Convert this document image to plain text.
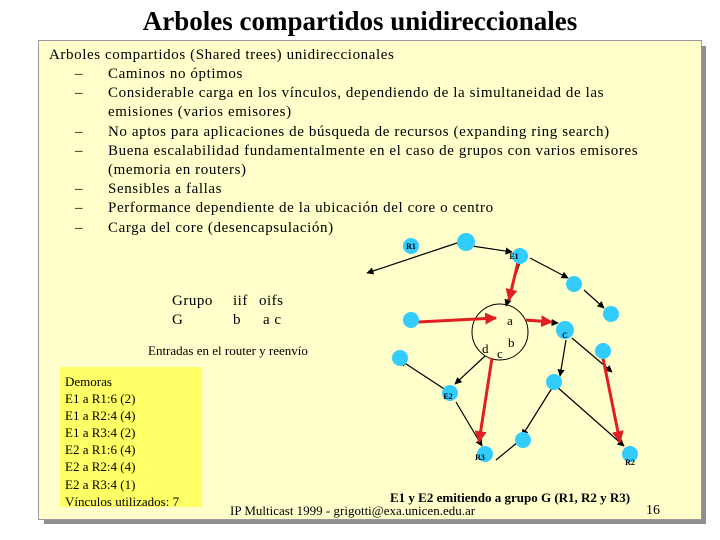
Arboles compartidos unidireccionales
Arboles compartidos (Shared trees) unidireccionales
– Caminos no óptimos
– Considerable carga en los vínculos, dependiendo de la simultaneidad de las emisiones (varios emisores)
– No aptos para aplicaciones de búsqueda de recursos (expanding ring search)
– Buena escalabilidad fundamentalmente en el caso de grupos con varios emisores (memoria en routers)
– Sensibles a fallas
– Performance dependiente de la ubicación del core o centro
– Carga del core (desencapsulación)
Grupo iif oifs
G	b a c
Entradas en el router y reenvío
Demoras
E1 a R1:6 (2)
E1 a R2:4 (4)
E1 a R3:4 (2)
E2 a R1:6 (4)
E2 a R2:4 (4)
E2 a R3:4 (1)
Vínculos utilizados: 7
R1
E1
C
E2
R3
R2
a
b
c
d
E1 y E2 emitiendo a grupo G (R1, R2 y R3)
IP Multicast 1999 - grigotti@exa.unicen.edu.ar	16
